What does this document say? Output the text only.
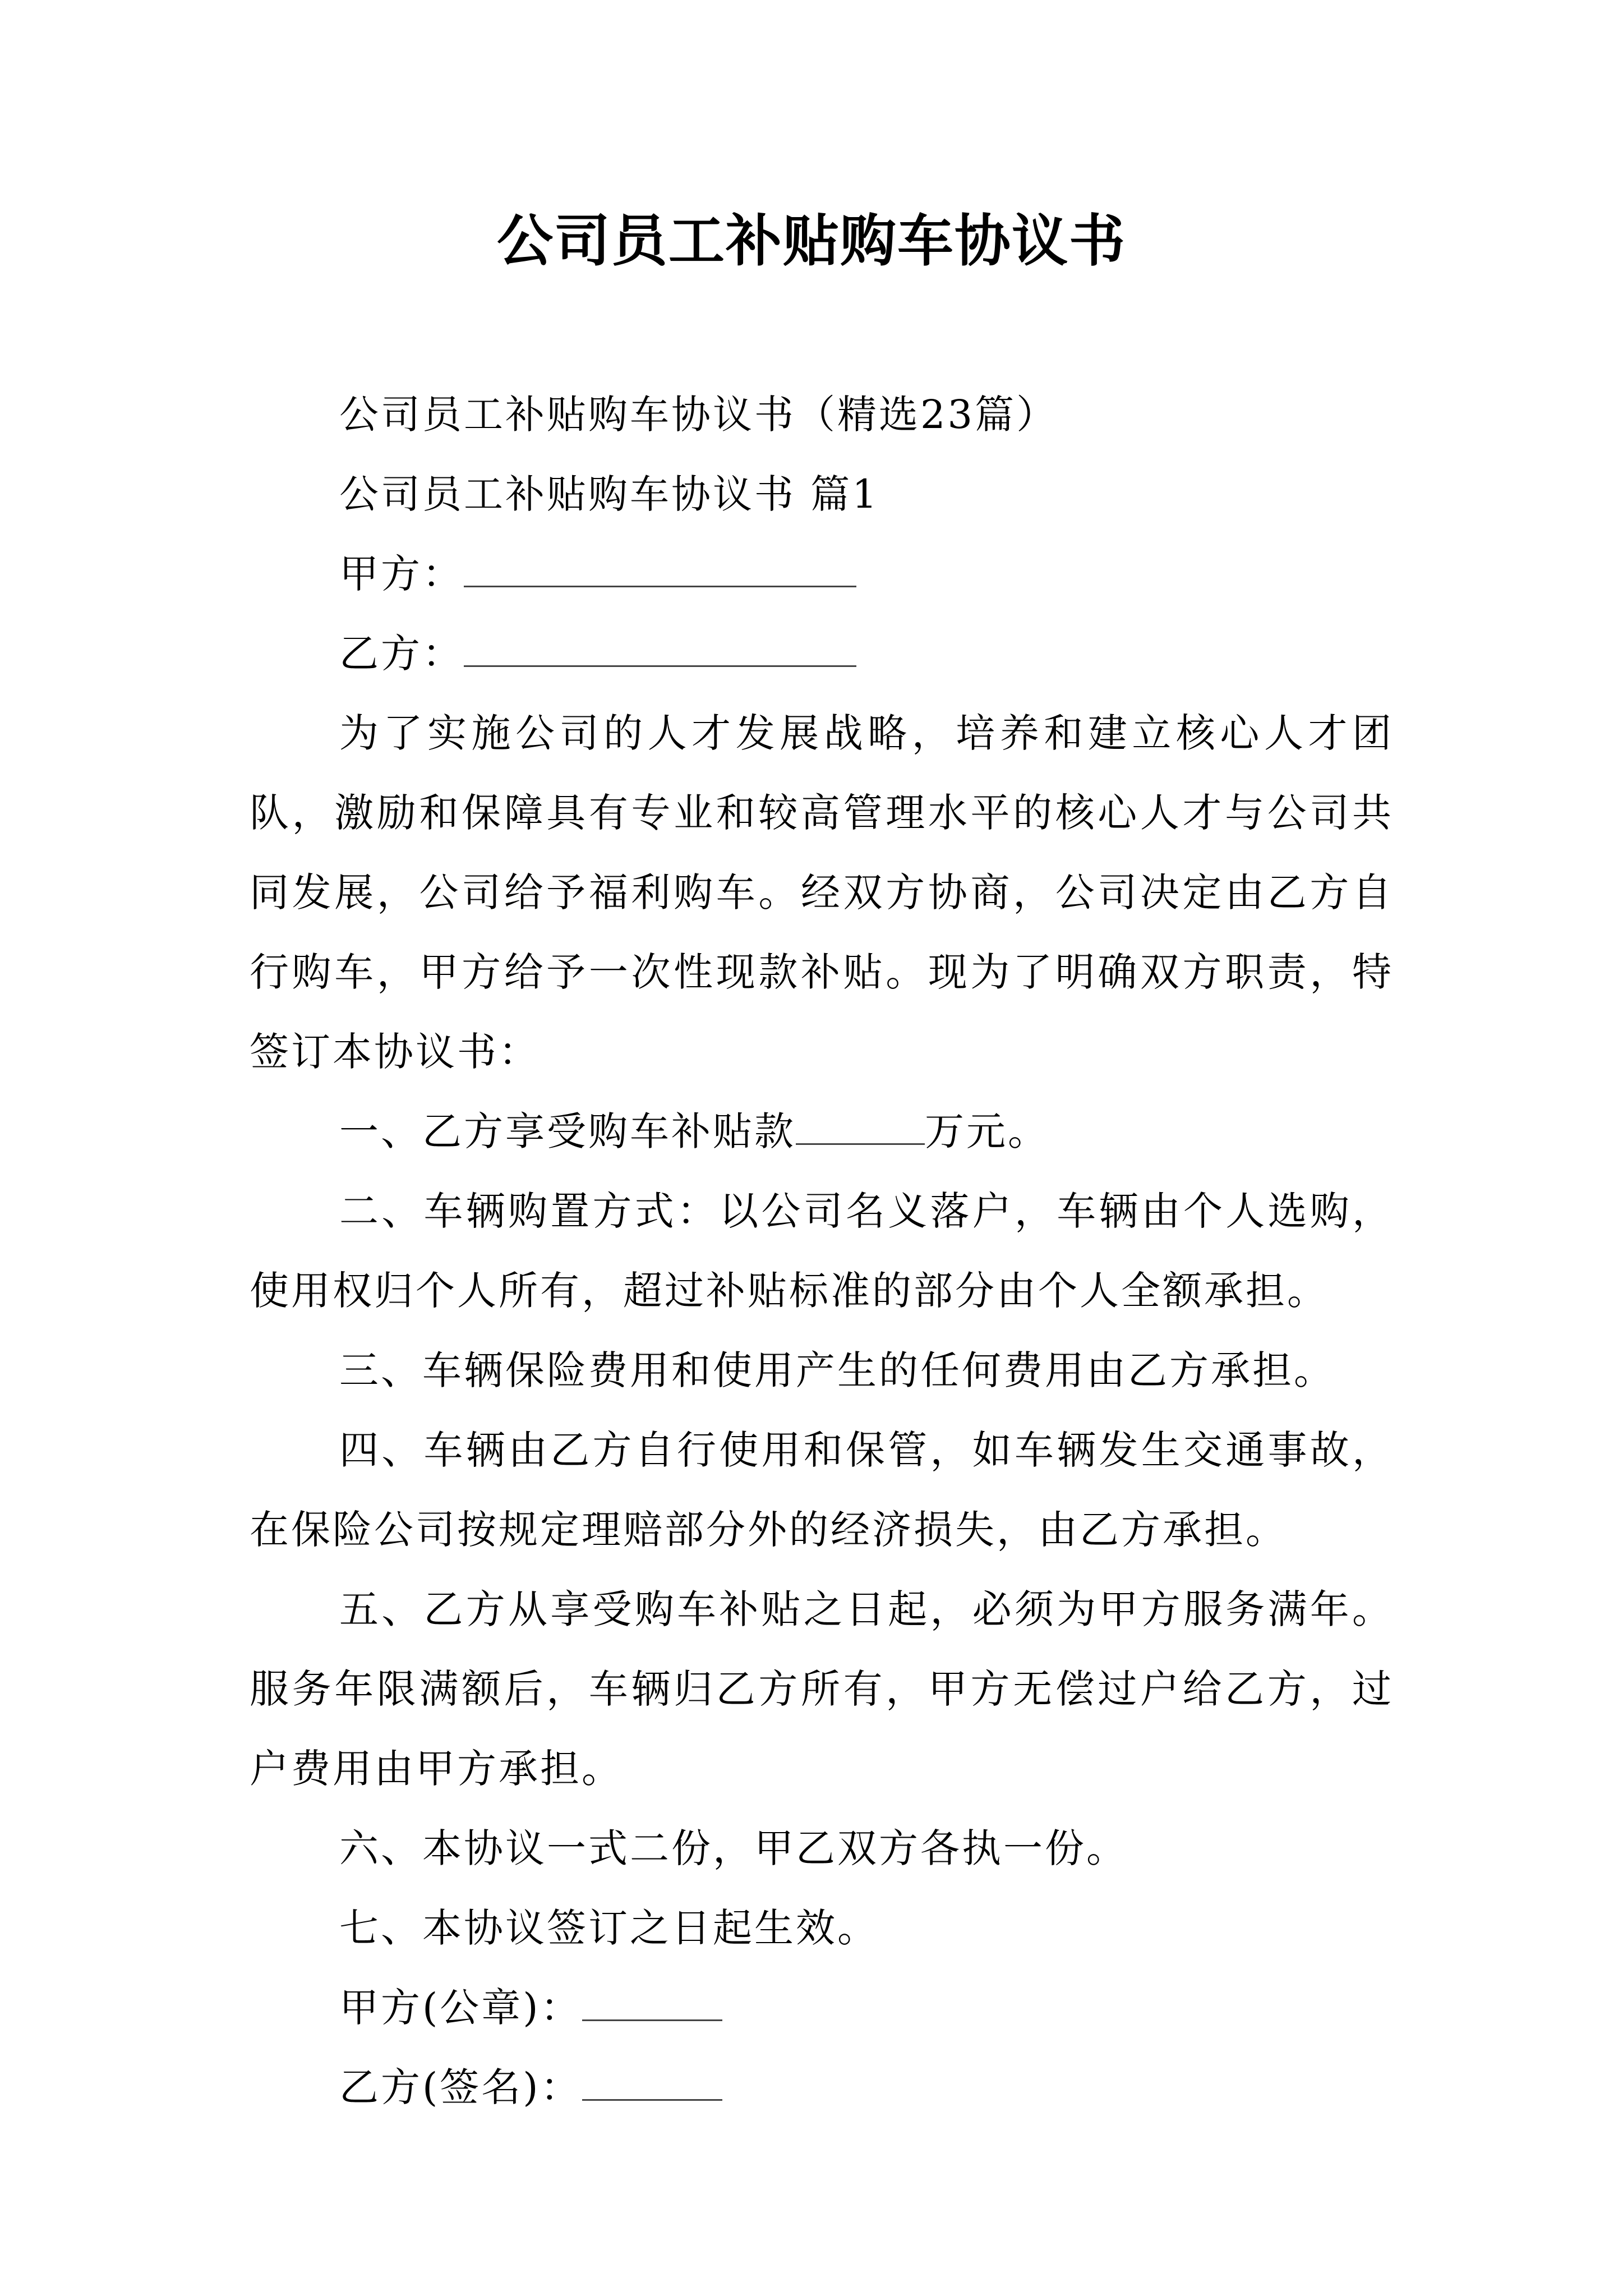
公司员工补贴购车协议书

公司员工补贴购车协议书（精选23篇）

公司员工补贴购车协议书 篇1

甲方：

乙方：

为了实施公司的人才发展战略，培养和建立核心人才团队，激励和保障具有专业和较高管理水平的核心人才与公司共同发展，公司给予福利购车。经双方协商，公司决定由乙方自行购车，甲方给予一次性现款补贴。现为了明确双方职责，特签订本协议书：

一、乙方享受购车补贴款	万元。

二、车辆购置方式：以公司名义落户，车辆由个人选购，使用权归个人所有，超过补贴标准的部分由个人全额承担。

三、车辆保险费用和使用产生的任何费用由乙方承担。

四、车辆由乙方自行使用和保管，如车辆发生交通事故，在保险公司按规定理赔部分外的经济损失，由乙方承担。

五、乙方从享受购车补贴之日起，必须为甲方服务满年。服务年限满额后，车辆归乙方所有，甲方无偿过户给乙方，过户费用由甲方承担。

六、本协议一式二份，甲乙双方各执一份。

七、本协议签订之日起生效。

甲方(公章)：

乙方(签名)：
